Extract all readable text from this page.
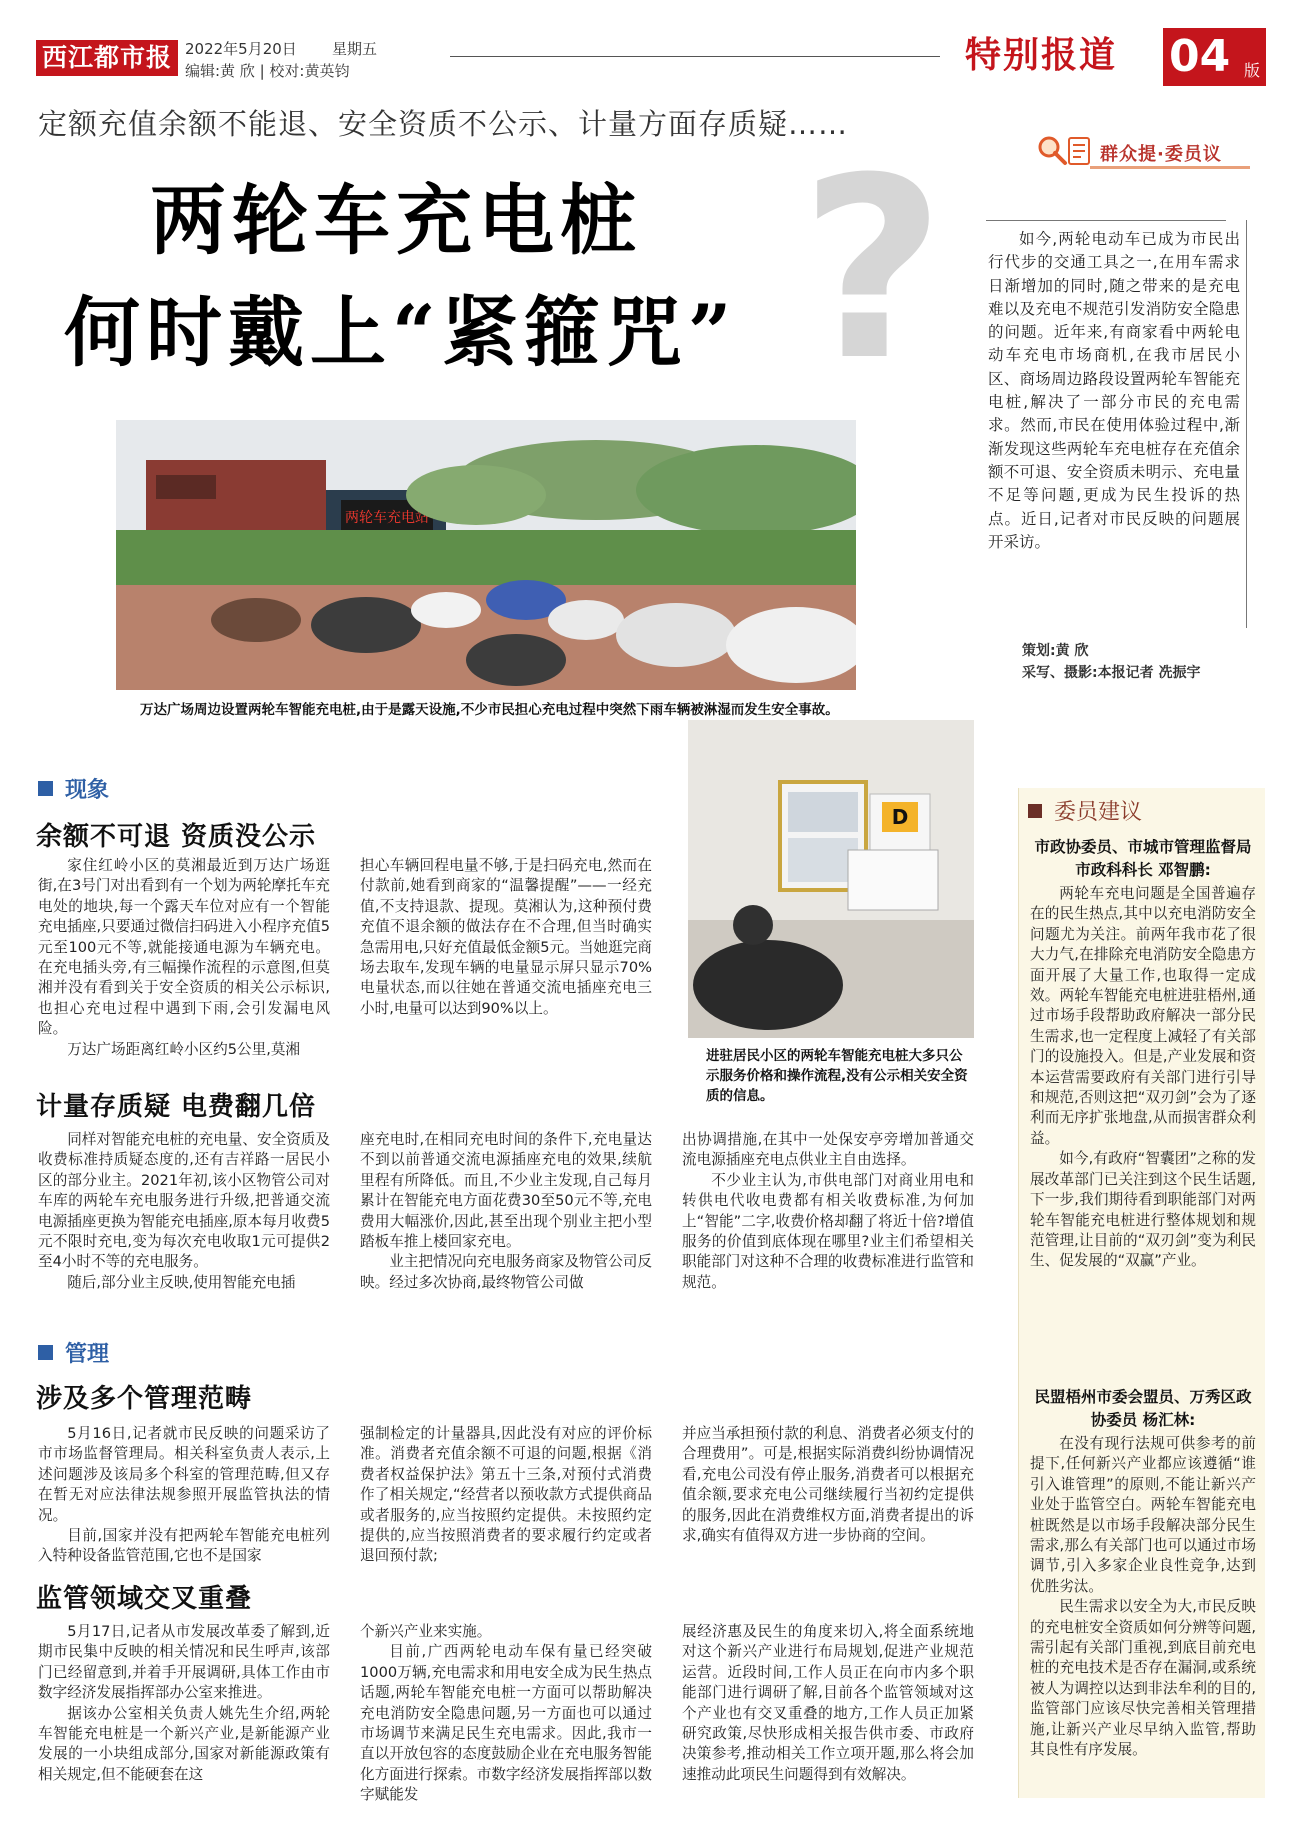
西江都市报 2022年5月20日 星期五
编辑:黄 欣 | 校对:黄英钧	特别报道 04 版
定额充值余额不能退、安全资质不公示、计量方面存质疑……
群众提·委员议
?
两轮车充电桩
何时戴上“紧箍咒”

如今,两轮电动车已成为市民出行代步的交通工具之一,在用车需求日渐增加的同时,随之带来的是充电难以及充电不规范引发消防安全隐患的问题。近年来,有商家看中两轮电动车充电市场商机,在我市居民小区、商场周边路段设置两轮车智能充电桩,解决了一部分市民的充电需求。然而,市民在使用体验过程中,渐渐发现这些两轮车充电桩存在充值余额不可退、安全资质未明示、充电量不足等问题,更成为民生投诉的热点。近日,记者对市民反映的问题展开采访。

策划:黄 欣
采写、摄影:本报记者 冼振宇
两轮车充电站
万达广场周边设置两轮车智能充电桩,由于是露天设施,不少市民担心充电过程中突然下雨车辆被淋湿而发生安全事故。
D
进驻居民小区的两轮车智能充电桩大多只公示服务价格和操作流程,没有公示相关安全资质的信息。
现象
余额不可退 资质没公示

家住红岭小区的莫湘最近到万达广场逛街,在3号门对出看到有一个划为两轮摩托车充电处的地块,每一个露天车位对应有一个智能充电插座,只要通过微信扫码进入小程序充值5元至100元不等,就能接通电源为车辆充电。在充电插头旁,有三幅操作流程的示意图,但莫湘并没有看到关于安全资质的相关公示标识,也担心充电过程中遇到下雨,会引发漏电风险。

万达广场距离红岭小区约5公里,莫湘

担心车辆回程电量不够,于是扫码充电,然而在付款前,她看到商家的“温馨提醒”——一经充值,不支持退款、提现。莫湘认为,这种预付费充值不退余额的做法存在不合理,但当时确实急需用电,只好充值最低金额5元。当她逛完商场去取车,发现车辆的电量显示屏只显示70%电量状态,而以往她在普通交流电插座充电三小时,电量可以达到90%以上。

计量存质疑 电费翻几倍

同样对智能充电桩的充电量、安全资质及收费标准持质疑态度的,还有吉祥路一居民小区的部分业主。2021年初,该小区物管公司对车库的两轮车充电服务进行升级,把普通交流电源插座更换为智能充电插座,原本每月收费5元不限时充电,变为每次充电收取1元可提供2至4小时不等的充电服务。

随后,部分业主反映,使用智能充电插

座充电时,在相同充电时间的条件下,充电量达不到以前普通交流电源插座充电的效果,续航里程有所降低。而且,不少业主发现,自己每月累计在智能充电方面花费30至50元不等,充电费用大幅涨价,因此,甚至出现个别业主把小型踏板车推上楼回家充电。

业主把情况向充电服务商家及物管公司反映。经过多次协商,最终物管公司做

出协调措施,在其中一处保安亭旁增加普通交流电源插座充电点供业主自由选择。

不少业主认为,市供电部门对商业用电和转供电代收电费都有相关收费标准,为何加上“智能”二字,收费价格却翻了将近十倍?增值服务的价值到底体现在哪里?业主们希望相关职能部门对这种不合理的收费标准进行监管和规范。

管理
涉及多个管理范畴

5月16日,记者就市民反映的问题采访了市市场监督管理局。相关科室负责人表示,上述问题涉及该局多个科室的管理范畴,但又存在暂无对应法律法规参照开展监管执法的情况。

目前,国家并没有把两轮车智能充电桩列入特种设备监管范围,它也不是国家

强制检定的计量器具,因此没有对应的评价标准。消费者充值余额不可退的问题,根据《消费者权益保护法》第五十三条,对预付式消费作了相关规定,“经营者以预收款方式提供商品或者服务的,应当按照约定提供。未按照约定提供的,应当按照消费者的要求履行约定或者退回预付款;

并应当承担预付款的利息、消费者必须支付的合理费用”。可是,根据实际消费纠纷协调情况看,充电公司没有停止服务,消费者可以根据充值余额,要求充电公司继续履行当初约定提供的服务,因此在消费维权方面,消费者提出的诉求,确实有值得双方进一步协商的空间。

监管领域交叉重叠

5月17日,记者从市发展改革委了解到,近期市民集中反映的相关情况和民生呼声,该部门已经留意到,并着手开展调研,具体工作由市数字经济发展指挥部办公室来推进。

据该办公室相关负责人姚先生介绍,两轮车智能充电桩是一个新兴产业,是新能源产业发展的一小块组成部分,国家对新能源政策有相关规定,但不能硬套在这

个新兴产业来实施。

目前,广西两轮电动车保有量已经突破1000万辆,充电需求和用电安全成为民生热点话题,两轮车智能充电桩一方面可以帮助解决充电消防安全隐患问题,另一方面也可以通过市场调节来满足民生充电需求。因此,我市一直以开放包容的态度鼓励企业在充电服务智能化方面进行探索。市数字经济发展指挥部以数字赋能发

展经济惠及民生的角度来切入,将全面系统地对这个新兴产业进行布局规划,促进产业规范运营。近段时间,工作人员正在向市内多个职能部门进行调研了解,目前各个监管领域对这个产业也有交叉重叠的地方,工作人员正加紧研究政策,尽快形成相关报告供市委、市政府决策参考,推动相关工作立项开题,那么将会加速推动此项民生问题得到有效解决。

委员建议
市政协委员、市城市管理监督局市政科科长 邓智鹏:

两轮车充电问题是全国普遍存在的民生热点,其中以充电消防安全问题尤为关注。前两年我市花了很大力气,在排除充电消防安全隐患方面开展了大量工作,也取得一定成效。两轮车智能充电桩进驻梧州,通过市场手段帮助政府解决一部分民生需求,也一定程度上减轻了有关部门的设施投入。但是,产业发展和资本运营需要政府有关部门进行引导和规范,否则这把“双刃剑”会为了逐利而无序扩张地盘,从而损害群众利益。

如今,有政府“智囊团”之称的发展改革部门已关注到这个民生话题,下一步,我们期待看到职能部门对两轮车智能充电桩进行整体规划和规范管理,让目前的“双刃剑”变为利民生、促发展的“双赢”产业。

民盟梧州市委会盟员、万秀区政协委员 杨汇林:

在没有现行法规可供参考的前提下,任何新兴产业都应该遵循“谁引入谁管理”的原则,不能让新兴产业处于监管空白。两轮车智能充电桩既然是以市场手段解决部分民生需求,那么有关部门也可以通过市场调节,引入多家企业良性竞争,达到优胜劣汰。

民生需求以安全为大,市民反映的充电桩安全资质如何分辨等问题,需引起有关部门重视,到底目前充电桩的充电技术是否存在漏洞,或系统被人为调控以达到非法牟利的目的,监管部门应该尽快完善相关管理措施,让新兴产业尽早纳入监管,帮助其良性有序发展。
